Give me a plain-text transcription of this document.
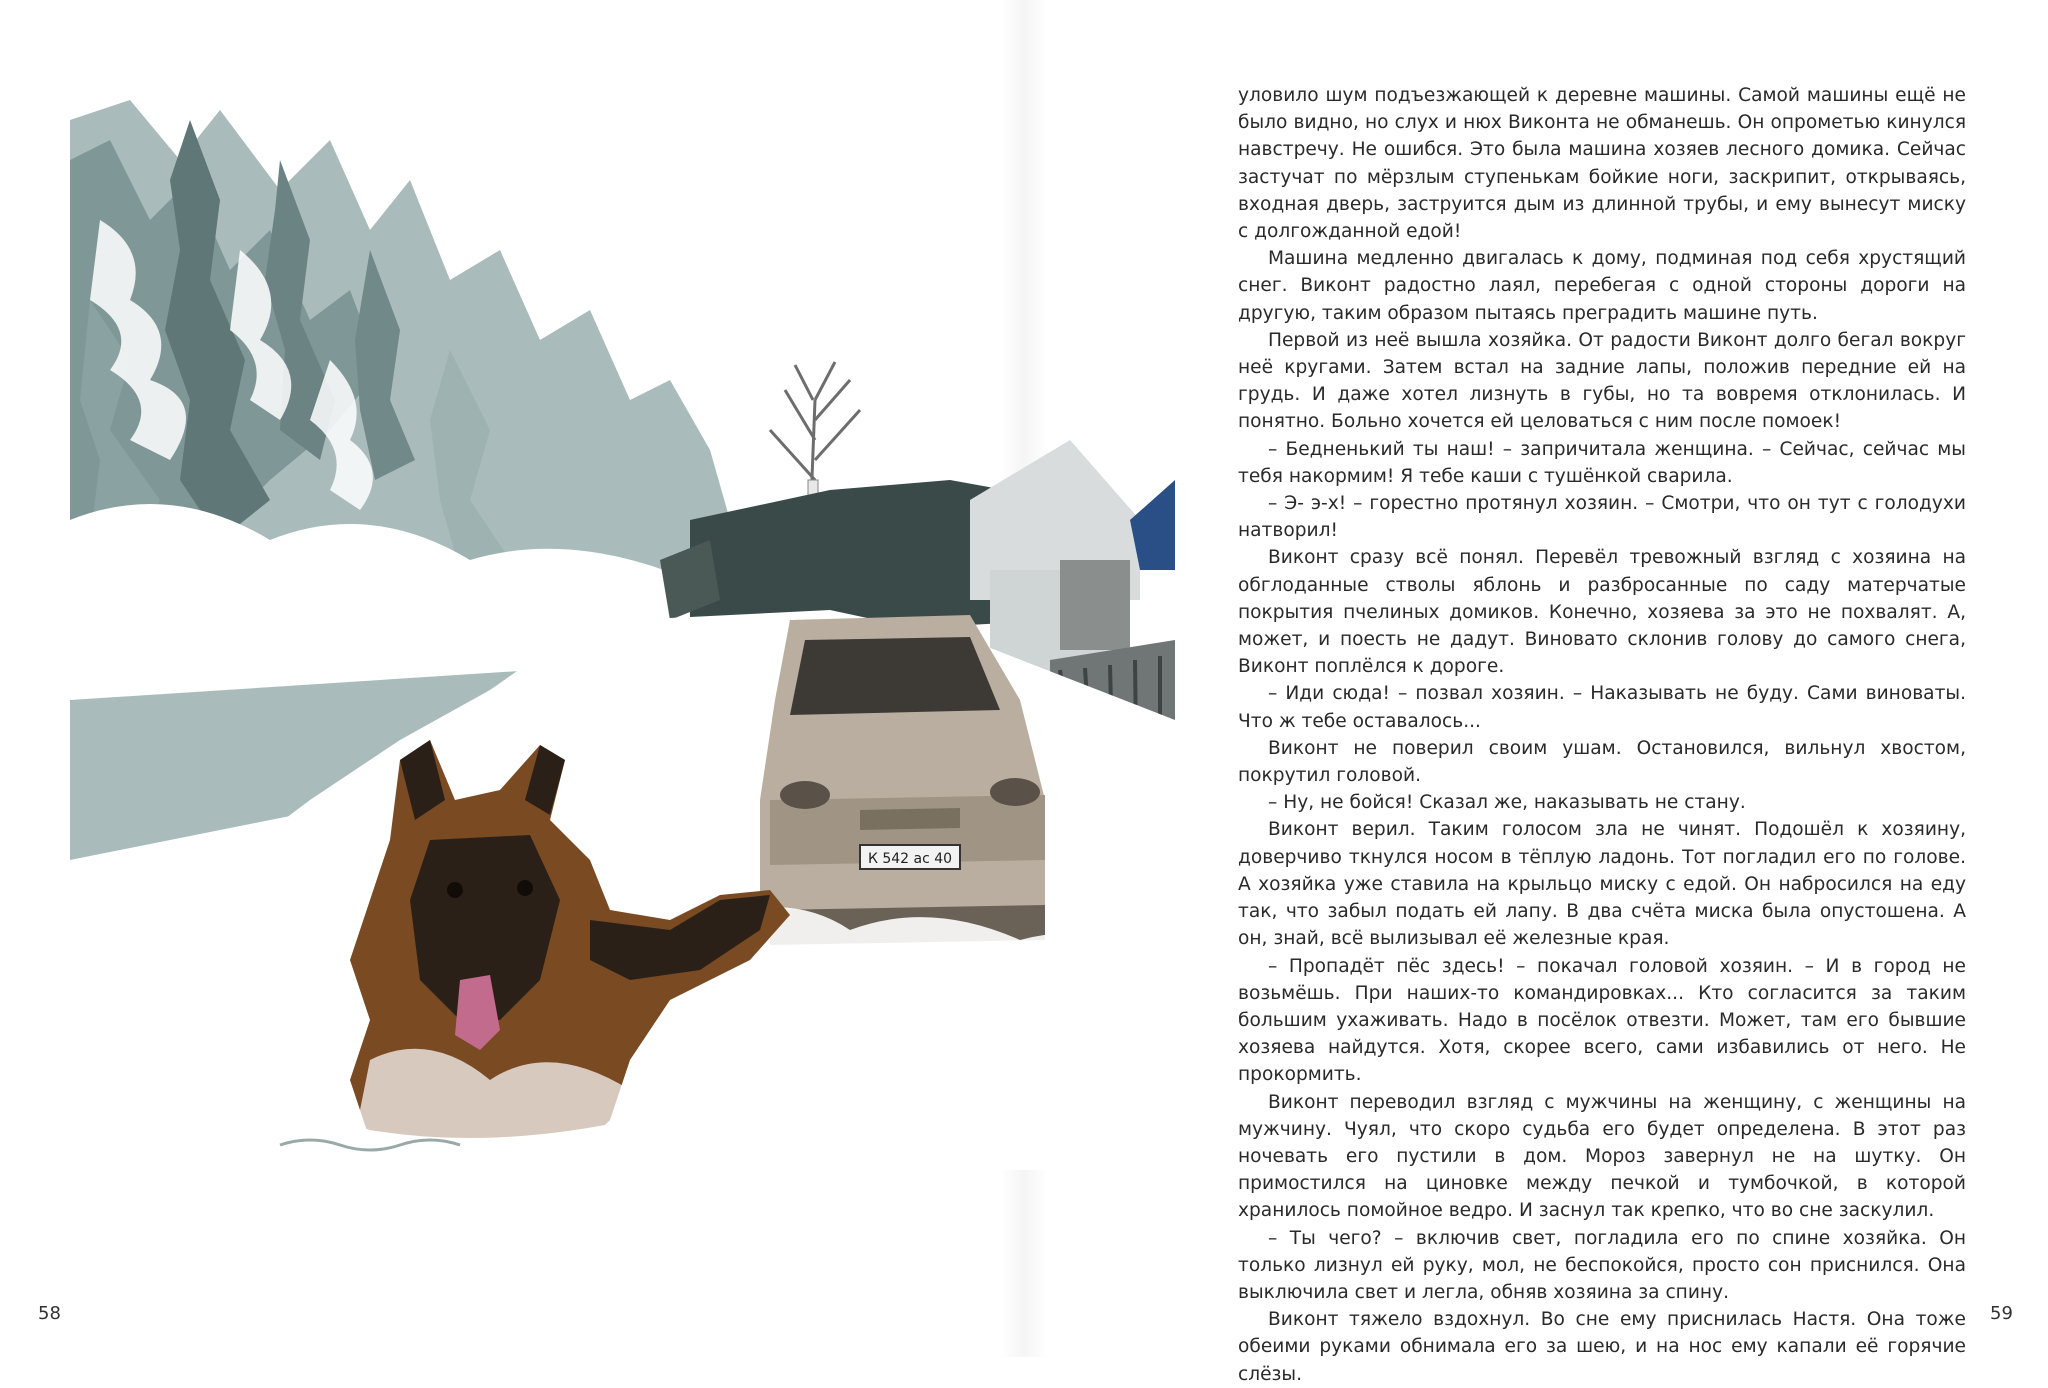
К 542 ас 40

уловило шум подъезжающей к деревне машины. Самой машины ещё не было видно, но слух и нюх Виконта не обманешь. Он опрометью кинулся навстречу. Не ошибся. Это была машина хозяев лесного домика. Сейчас застучат по мёрзлым ступенькам бойкие ноги, заскрипит, открываясь, входная дверь, заструится дым из длинной трубы, и ему вынесут миску с долгожданной едой!

Машина медленно двигалась к дому, подминая под себя хрустящий снег. Виконт радостно лаял, перебегая с одной стороны дороги на другую, таким образом пытаясь преградить машине путь.

Первой из неё вышла хозяйка. От радости Виконт долго бегал вокруг неё кругами. Затем встал на задние лапы, положив передние ей на грудь. И даже хотел лизнуть в губы, но та вовремя отклонилась. И понятно. Больно хочется ей целоваться с ним после помоек!

– Бедненький ты наш! – запричитала женщина. – Сейчас, сейчас мы тебя накормим! Я тебе каши с тушёнкой сварила.

– Э- э-х! – горестно протянул хозяин. – Смотри, что он тут с голодухи натворил!

Виконт сразу всё понял. Перевёл тревожный взгляд с хозяина на обглоданные стволы яблонь и разбросанные по саду матерчатые покрытия пчелиных домиков. Конечно, хозяева за это не похвалят. А, может, и поесть не дадут. Виновато склонив голову до самого снега, Виконт поплёлся к дороге.

– Иди сюда! – позвал хозяин. – Наказывать не буду. Сами виноваты. Что ж тебе оставалось...

Виконт не поверил своим ушам. Остановился, вильнул хвостом, покрутил головой.

– Ну, не бойся! Сказал же, наказывать не стану.

Виконт верил. Таким голосом зла не чинят. Подошёл к хозяину, доверчиво ткнулся носом в тёплую ладонь. Тот погладил его по голове. А хозяйка уже ставила на крыльцо миску с едой. Он набросился на еду так, что забыл подать ей лапу. В два счёта миска была опустошена. А он, знай, всё вылизывал её железные края.

– Пропадёт пёс здесь! – покачал головой хозяин. – И в город не возьмёшь. При наших-то командировках... Кто согласится за таким большим ухаживать. Надо в посёлок отвезти. Может, там его бывшие хозяева найдутся. Хотя, скорее всего, сами избавились от него. Не прокормить.

Виконт переводил взгляд с мужчины на женщину, с женщины на мужчину. Чуял, что скоро судьба его будет определена. В этот раз ночевать его пустили в дом. Мороз завернул не на шутку. Он примостился на циновке между печкой и тумбочкой, в которой хранилось помойное ведро. И заснул так крепко, что во сне заскулил.

– Ты чего? – включив свет, погладила его по спине хозяйка. Он только лизнул ей руку, мол, не беспокойся, просто сон приснился. Она выключила свет и легла, обняв хозяина за спину.

Виконт тяжело вздохнул. Во сне ему приснилась Настя. Она тоже обеими руками обнимала его за шею, и на нос ему капали её горячие слёзы.

58	59
